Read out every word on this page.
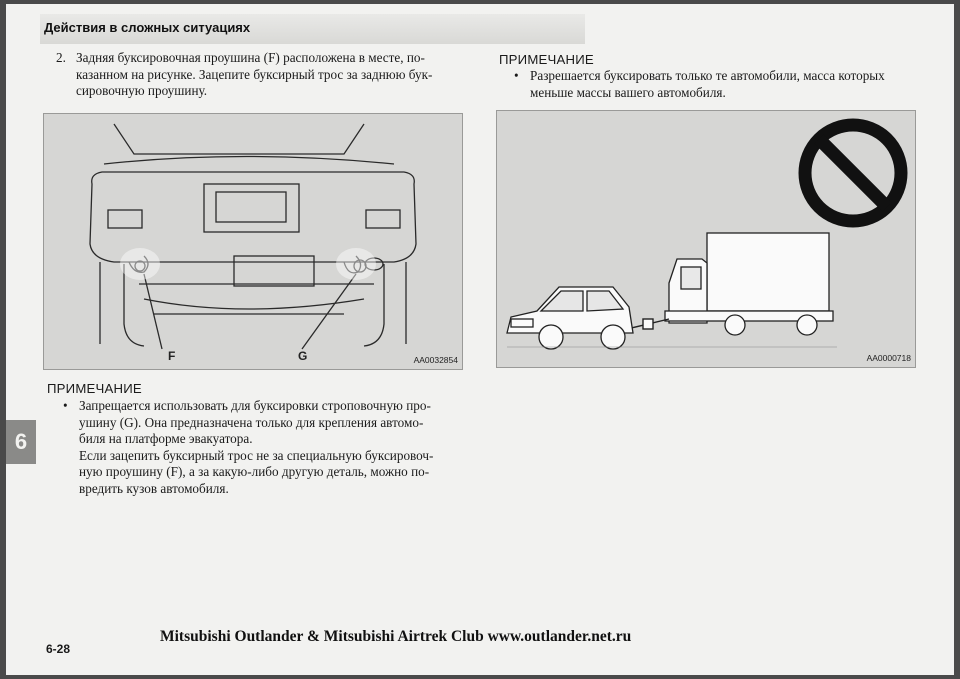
Действия в сложных ситуациях
2. Задняя буксировочная проушина (F) расположена в месте, по-
казанном на рисунке. Зацепите буксирный трос за заднюю бук-
сировочную проушину.
F	G	AA0032854
ПРИМЕЧАНИЕ
• Запрещается использовать для буксировки строповочную про-
ушину (G). Она предназначена только для крепления автомо-
биля на платформе эвакуатора.
Если зацепить буксирный трос не за специальную буксировоч-
ную проушину (F), а за какую-либо другую деталь, можно по-
вредить кузов автомобиля.
ПРИМЕЧАНИЕ
• Разрешается буксировать только те автомобили, масса которых
меньше массы вашего автомобиля.
AA0000718
6
Mitsubishi Outlander & Mitsubishi Airtrek Club www.outlander.net.ru
6-28
